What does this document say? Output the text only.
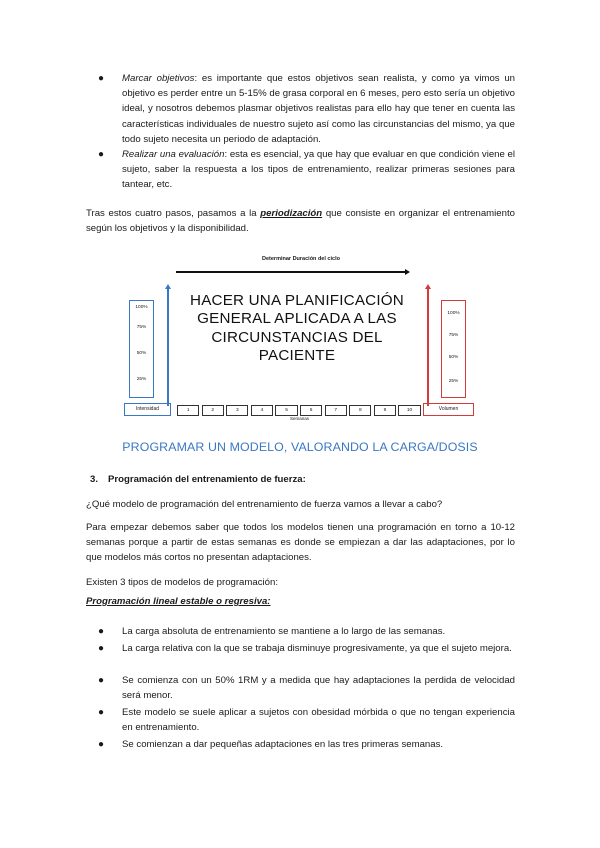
● Marcar objetivos: es importante que estos objetivos sean realista, y como ya vimos un objetivo es perder entre un 5-15% de grasa corporal en 6 meses, pero esto sería un objetivo ideal, y nosotros debemos plasmar objetivos realistas para ello hay que tener en cuenta las características individuales de nuestro sujeto así como las circunstancias del mismo, ya que todo sujeto necesita un periodo de adaptación.
● Realizar una evaluación: esta es esencial, ya que hay que evaluar en que condición viene el sujeto, saber la respuesta a los tipos de entrenamiento, realizar primeras sesiones para tantear, etc.
Tras estos cuatro pasos, pasamos a la periodización que consiste en organizar el entrenamiento según los objetivos y la disponibilidad.
Determinar Duración del ciclo
100%
75%
50%
25%
HACER UNA PLANIFICACIÓN GENERAL APLICADA A LAS CIRCUNSTANCIAS DEL PACIENTE
100%
75%
50%
25%
Intensidad	1	2	3	4	5	6	7	8	9	10	Volumen
Semanas
PROGRAMAR UN MODELO, VALORANDO LA CARGA/DOSIS
3. Programación del entrenamiento de fuerza:
¿Qué modelo de programación del entrenamiento de fuerza vamos a llevar a cabo?
Para empezar debemos saber que todos los modelos tienen una programación en torno a 10-12 semanas porque a partir de estas semanas es donde se empiezan a dar las adaptaciones, por lo que modelos más cortos no presentan adaptaciones.
Existen 3 tipos de modelos de programación:
Programación lineal estable o regresiva:
● La carga absoluta de entrenamiento se mantiene a lo largo de las semanas.
● La carga relativa con la que se trabaja disminuye progresivamente, ya que el sujeto mejora.
● Se comienza con un 50% 1RM y a medida que hay adaptaciones la perdida de velocidad será menor.
● Este modelo se suele aplicar a sujetos con obesidad mórbida o que no tengan experiencia en entrenamiento.
● Se comienzan a dar pequeñas adaptaciones en las tres primeras semanas.
